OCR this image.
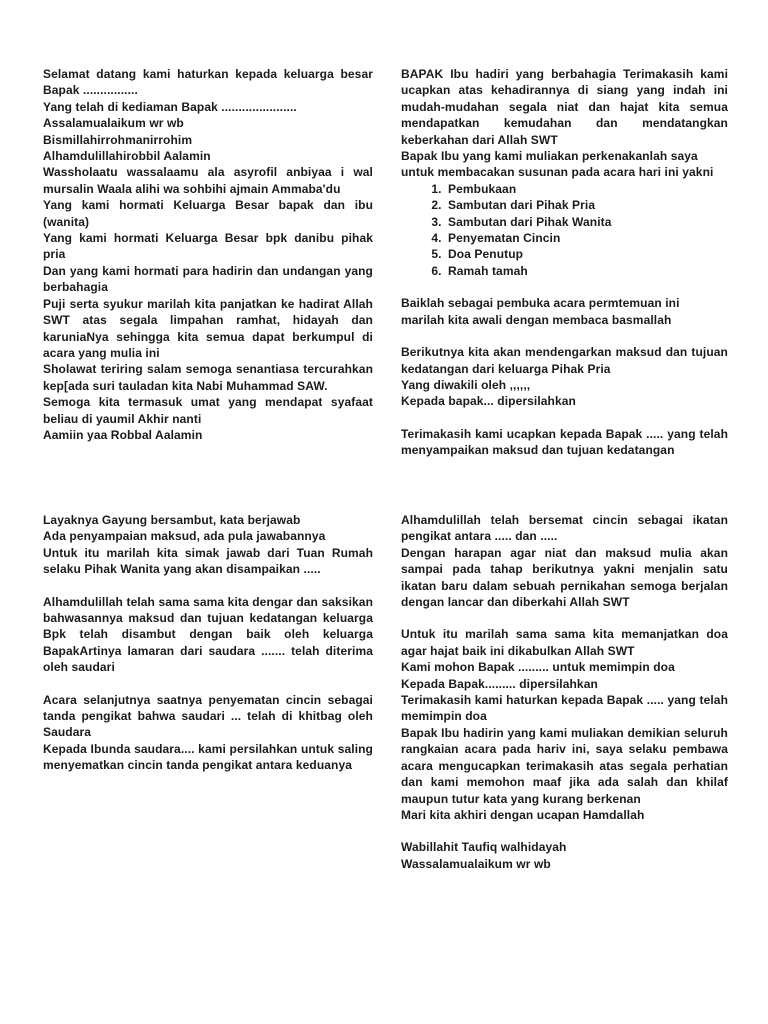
Selamat datang kami haturkan kepada keluarga besar Bapak ................

Yang telah di kediaman Bapak ......................

Assalamualaikum wr wb

Bismillahirrohmanirrohim

Alhamdulillahirobbil Aalamin

Wassholaatu wassalaamu ala asyrofil anbiyaa i wal mursalin Waala alihi wa sohbihi ajmain Ammaba'du

Yang kami hormati Keluarga Besar bapak dan ibu (wanita)

Yang kami hormati Keluarga Besar bpk danibu pihak pria

Dan yang kami hormati para hadirin dan undangan yang berbahagia

Puji serta syukur marilah kita panjatkan ke hadirat Allah SWT atas segala limpahan ramhat, hidayah dan karuniaNya sehingga kita semua dapat berkumpul di acara yang mulia ini

Sholawat teriring salam semoga senantiasa tercurahkan kep[ada suri tauladan kita Nabi Muhammad SAW.

Semoga kita termasuk umat yang mendapat syafaat beliau di yaumil Akhir nanti

Aamiin yaa Robbal Aalamin

BAPAK Ibu hadiri yang berbahagia Terimakasih kami ucapkan atas kehadirannya di siang yang indah ini mudah-mudahan segala niat dan hajat kita semua mendapatkan kemudahan dan mendatangkan keberkahan dari Allah SWT

Bapak Ibu yang kami muliakan perkenakanlah saya

untuk membacakan susunan pada acara hari ini yakni

1. Pembukaan
2. Sambutan dari Pihak Pria
3. Sambutan dari Pihak Wanita
4. Penyematan Cincin
5. Doa Penutup
6. Ramah tamah

Baiklah sebagai pembuka acara permtemuan ini

marilah kita awali dengan membaca basmallah

Berikutnya kita akan mendengarkan maksud dan tujuan kedatangan dari keluarga Pihak Pria

Yang diwakili oleh ,,,,,,

Kepada bapak... dipersilahkan

Terimakasih kami ucapkan kepada Bapak ..... yang telah menyampaikan maksud dan tujuan kedatangan

Layaknya Gayung bersambut, kata berjawab

Ada penyampaian maksud, ada pula jawabannya

Untuk itu marilah kita simak jawab dari Tuan Rumah selaku Pihak Wanita yang akan disampaikan .....

Alhamdulillah telah sama sama kita dengar dan saksikan bahwasannya maksud dan tujuan kedatangan keluarga Bpk telah disambut dengan baik oleh keluarga BapakArtinya lamaran dari saudara ....... telah diterima oleh saudari

Acara selanjutnya saatnya penyematan cincin sebagai tanda pengikat bahwa saudari ... telah di khitbag oleh Saudara

Kepada Ibunda saudara.... kami persilahkan untuk saling menyematkan cincin tanda pengikat antara keduanya

Alhamdulillah telah bersemat cincin sebagai ikatan pengikat antara ..... dan .....

Dengan harapan agar niat dan maksud mulia akan sampai pada tahap berikutnya yakni menjalin satu ikatan baru dalam sebuah pernikahan semoga berjalan dengan lancar dan diberkahi Allah SWT

Untuk itu marilah sama sama kita memanjatkan doa agar hajat baik ini dikabulkan Allah SWT

Kami mohon Bapak ......... untuk memimpin doa

Kepada Bapak......... dipersilahkan

Terimakasih kami haturkan kepada Bapak ..... yang telah memimpin doa

Bapak Ibu hadirin yang kami muliakan demikian seluruh rangkaian acara pada hariv ini, saya selaku pembawa acara mengucapkan terimakasih atas segala perhatian dan kami memohon maaf jika ada salah dan khilaf maupun tutur kata yang kurang berkenan

Mari kita akhiri dengan ucapan Hamdallah

Wabillahit Taufiq walhidayah

Wassalamualaikum wr wb
